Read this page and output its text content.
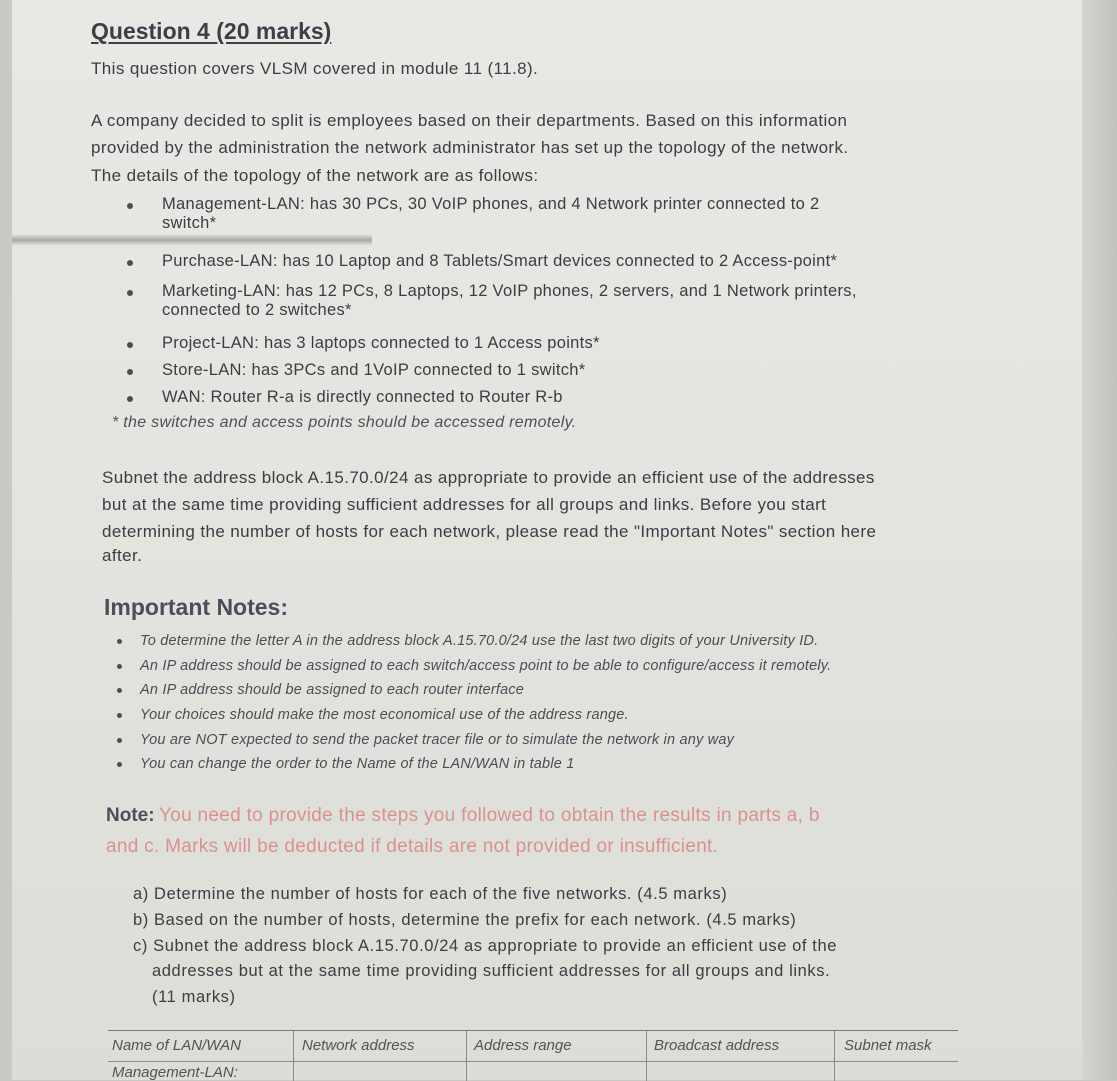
Question 4 (20 marks)
This question covers VLSM covered in module 11 (11.8).
A company decided to split is employees based on their departments. Based on this information
provided by the administration the network administrator has set up the topology of the network.
The details of the topology of the network are as follows:
Management-LAN: has 30 PCs, 30 VoIP phones, and 4 Network printer connected to 2
switch*
Purchase-LAN: has 10 Laptop and 8 Tablets/Smart devices connected to 2 Access-point*
Marketing-LAN: has 12 PCs, 8 Laptops, 12 VoIP phones, 2 servers, and 1 Network printers,
connected to 2 switches*
Project-LAN: has 3 laptops connected to 1 Access points*
Store-LAN: has 3PCs and 1VoIP connected to 1 switch*
WAN: Router R-a is directly connected to Router R-b
* the switches and access points should be accessed remotely.
Subnet the address block A.15.70.0/24 as appropriate to provide an efficient use of the addresses
but at the same time providing sufficient addresses for all groups and links. Before you start
determining the number of hosts for each network, please read the "Important Notes" section here
after.
Important Notes:
To determine the letter A in the address block A.15.70.0/24 use the last two digits of your University ID.
An IP address should be assigned to each switch/access point to be able to configure/access it remotely.
An IP address should be assigned to each router interface
Your choices should make the most economical use of the address range.
You are NOT expected to send the packet tracer file or to simulate the network in any way
You can change the order to the Name of the LAN/WAN in table 1
Note: You need to provide the steps you followed to obtain the results in parts a, b
and c. Marks will be deducted if details are not provided or insufficient.
a) Determine the number of hosts for each of the five networks. (4.5 marks)
b) Based on the number of hosts, determine the prefix for each network. (4.5 marks)
c) Subnet the address block A.15.70.0/24 as appropriate to provide an efficient use of the
addresses but at the same time providing sufficient addresses for all groups and links.
(11 marks)
Name of LAN/WAN	Network address	Address range	Broadcast address	Subnet mask
Management-LAN:
